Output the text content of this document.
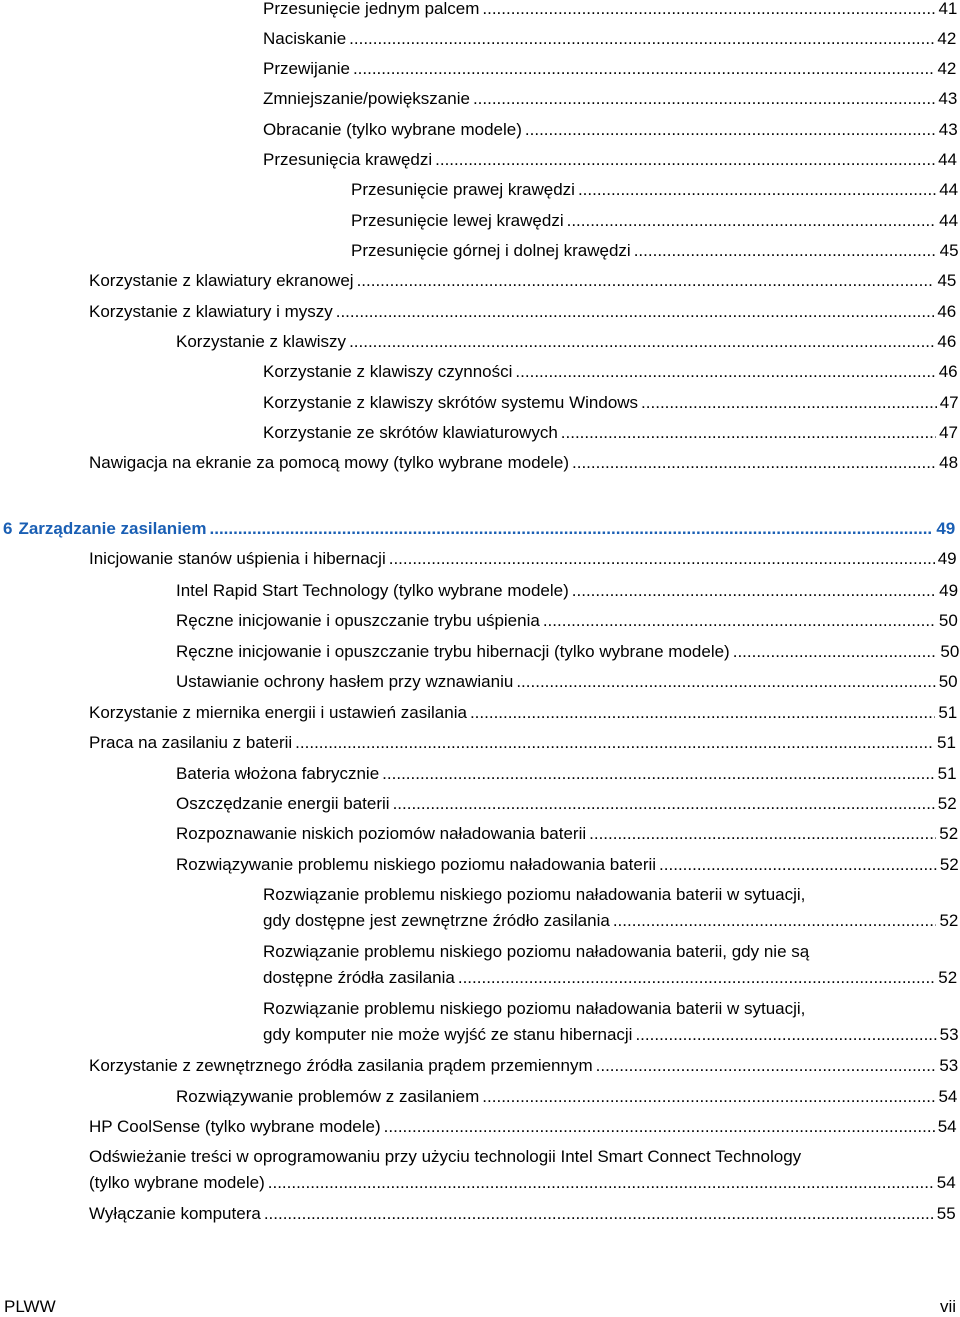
Przesunięcie jednym palcem .....	41
Naciskanie .....	42
Przewijanie .....	42
Zmniejszanie/powiększanie .....	43
Obracanie (tylko wybrane modele) .....	43
Przesunięcia krawędzi .....	44
Przesunięcie prawej krawędzi .....	44
Przesunięcie lewej krawędzi .....	44
Przesunięcie górnej i dolnej krawędzi .....	45
Korzystanie z klawiatury ekranowej .....	45
Korzystanie z klawiatury i myszy .....	46
Korzystanie z klawiszy .....	46
Korzystanie z klawiszy czynności .....	46
Korzystanie z klawiszy skrótów systemu Windows .....	47
Korzystanie ze skrótów klawiaturowych .....	47
Nawigacja na ekranie za pomocą mowy (tylko wybrane modele) .....	48
6 Zarządzanie zasilaniem .....	49
Inicjowanie stanów uśpienia i hibernacji .....	49
Intel Rapid Start Technology (tylko wybrane modele) .....	49
Ręczne inicjowanie i opuszczanie trybu uśpienia .....	50
Ręczne inicjowanie i opuszczanie trybu hibernacji (tylko wybrane modele) .....	50
Ustawianie ochrony hasłem przy wznawianiu .....	50
Korzystanie z miernika energii i ustawień zasilania .....	51
Praca na zasilaniu z baterii .....	51
Bateria włożona fabrycznie .....	51
Oszczędzanie energii baterii .....	52
Rozpoznawanie niskich poziomów naładowania baterii .....	52
Rozwiązywanie problemu niskiego poziomu naładowania baterii .....	52
Rozwiązanie problemu niskiego poziomu naładowania baterii w sytuacji,
gdy dostępne jest zewnętrzne źródło zasilania .....	52
Rozwiązanie problemu niskiego poziomu naładowania baterii, gdy nie są
dostępne źródła zasilania .....	52
Rozwiązanie problemu niskiego poziomu naładowania baterii w sytuacji,
gdy komputer nie może wyjść ze stanu hibernacji .....	53
Korzystanie z zewnętrznego źródła zasilania prądem przemiennym .....	53
Rozwiązywanie problemów z zasilaniem .....	54
HP CoolSense (tylko wybrane modele) .....	54
Odświeżanie treści w oprogramowaniu przy użyciu technologii Intel Smart Connect Technology
(tylko wybrane modele) .....	54
Wyłączanie komputera .....	55
PLWW	vii
